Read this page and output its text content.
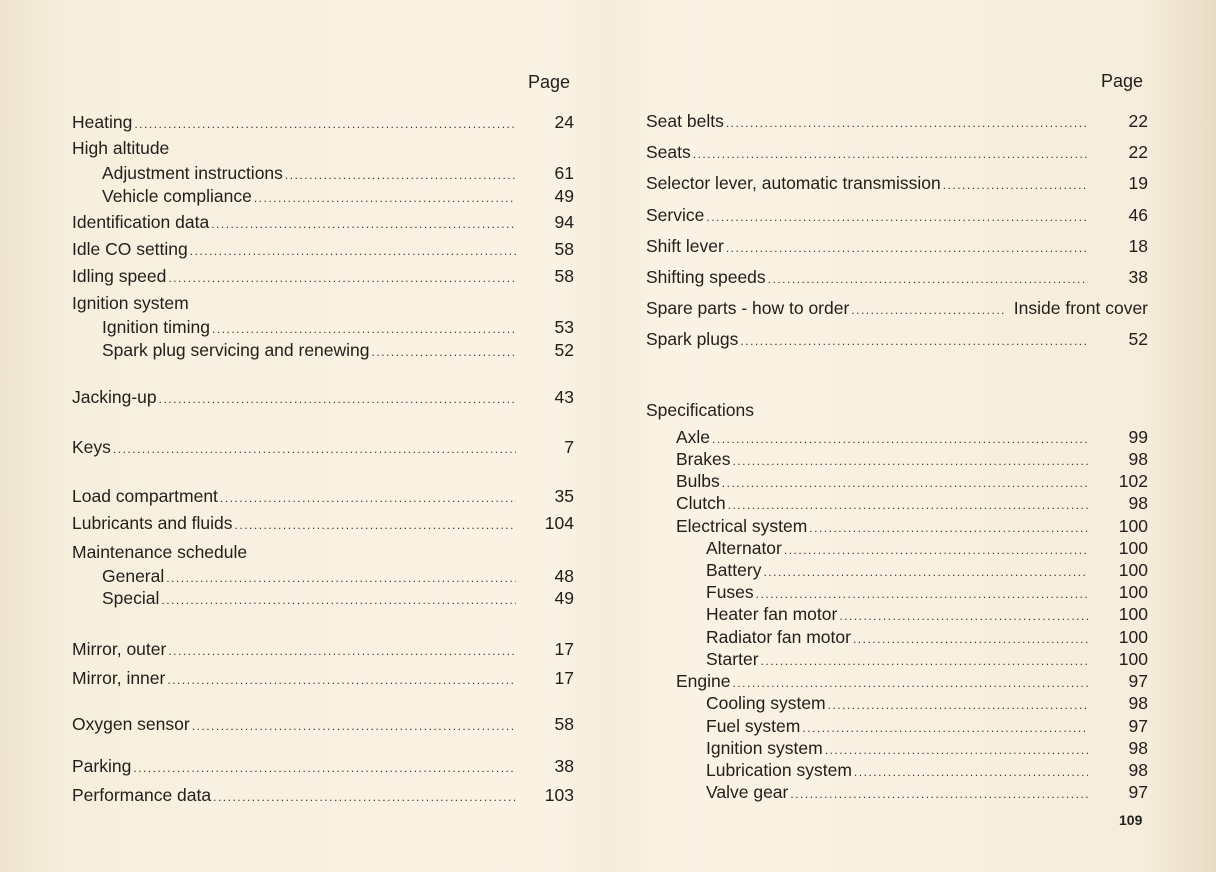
Page
Heating .....	24
High altitude
Adjustment instructions .....	61
Vehicle compliance .....	49
Identification data .....	94
Idle CO setting .....	58
Idling speed .....	58
Ignition system
Ignition timing .....	53
Spark plug servicing and renewing .....	52
Jacking-up .....	43
Keys .....	7
Load compartment .....	35
Lubricants and fluids .....	104
Maintenance schedule
General .....	48
Special .....	49
Mirror, outer .....	17
Mirror, inner .....	17
Oxygen sensor .....	58
Parking .....	38
Performance data .....	103
Page
Seat belts .....	22
Seats .....	22
Selector lever, automatic transmission .....	19
Service .....	46
Shift lever .....	18
Shifting speeds .....	38
Spare parts - how to order .....	Inside front cover
Spark plugs .....	52
Specifications
Axle .....	99
Brakes .....	98
Bulbs .....	102
Clutch .....	98
Electrical system .....	100
Alternator .....	100
Battery .....	100
Fuses .....	100
Heater fan motor .....	100
Radiator fan motor .....	100
Starter .....	100
Engine .....	97
Cooling system .....	98
Fuel system .....	97
Ignition system .....	98
Lubrication system .....	98
Valve gear .....	97
109
